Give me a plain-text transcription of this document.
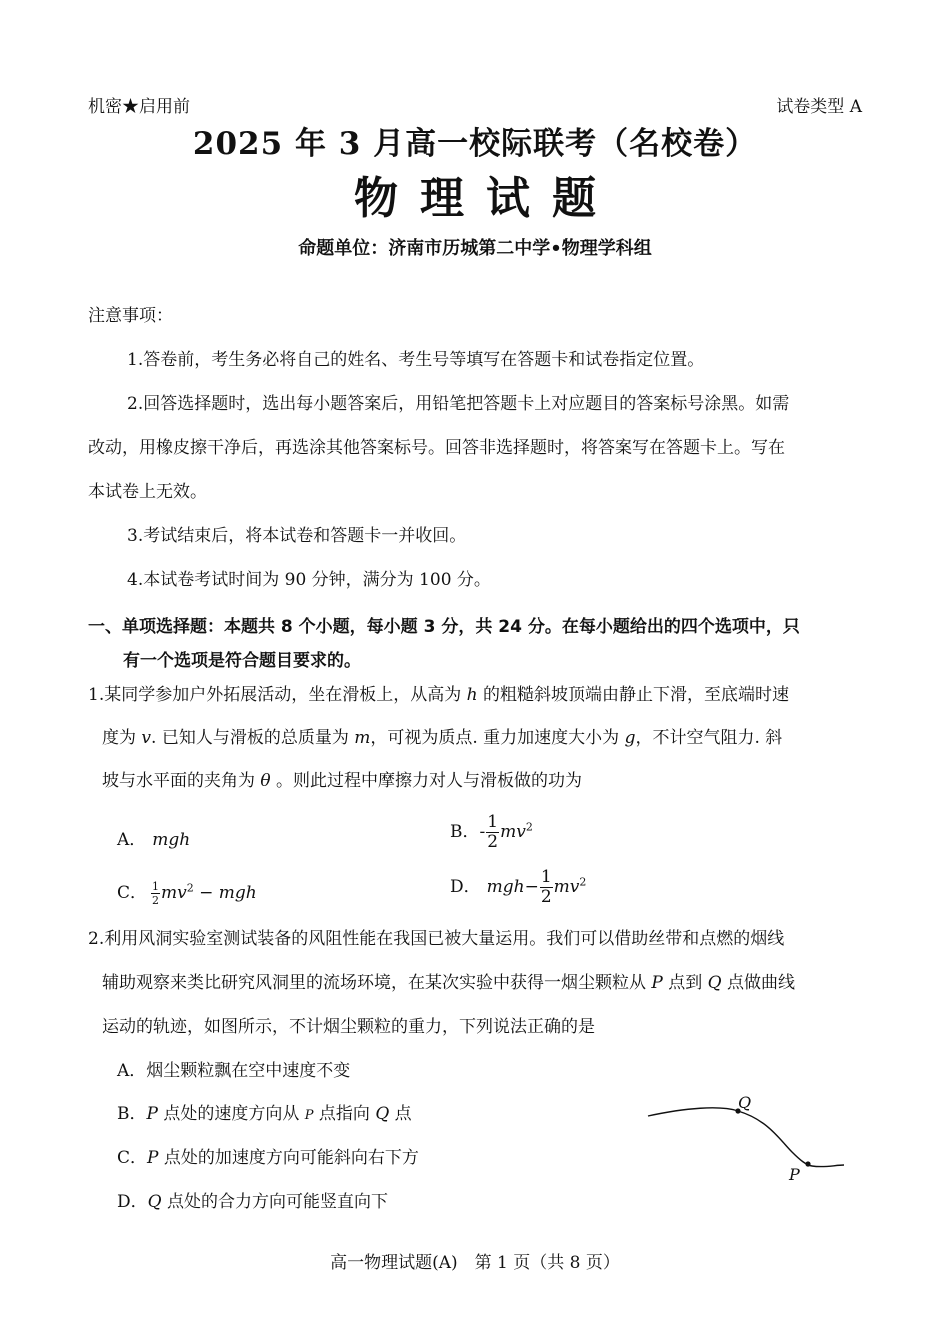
机密★启用前	试卷类型 A
2025 年 3 月高一校际联考（名校卷）
物理试题
命题单位：济南市历城第二中学•物理学科组
注意事项：
1.答卷前，考生务必将自己的姓名、考生号等填写在答题卡和试卷指定位置。
2.回答选择题时，选出每小题答案后，用铅笔把答题卡上对应题目的答案标号涂黑。如需
改动，用橡皮擦干净后，再选涂其他答案标号。回答非选择题时，将答案写在答题卡上。写在
本试卷上无效。
3.考试结束后，将本试卷和答题卡一并收回。
4.本试卷考试时间为 90 分钟，满分为 100 分。
一、单项选择题：本题共 8 个小题，每小题 3 分，共 24 分。在每小题给出的四个选项中，只
有一个选项是符合题目要求的。
1.某同学参加户外拓展活动，坐在滑板上，从高为 h 的粗糙斜坡顶端由静止下滑，至底端时速
度为 v. 已知人与滑板的总质量为 m，可视为质点. 重力加速度大小为 g，不计空气阻力. 斜
坡与水平面的夹角为 θ 。则此过程中摩擦力对人与滑板做的功为
A． mgh	B．- $\frac{1}{2} mv^2$
C． $\frac{1}{2} mv^2$ − mgh	D． $mgh- \frac{1}{2} mv^2$
2.利用风洞实验室测试装备的风阻性能在我国已被大量运用。我们可以借助丝带和点燃的烟线
辅助观察来类比研究风洞里的流场环境，在某次实验中获得一烟尘颗粒从 P 点到 Q 点做曲线
运动的轨迹，如图所示，不计烟尘颗粒的重力，下列说法正确的是
A．烟尘颗粒飘在空中速度不变
B．P 点处的速度方向从 P 点指向 Q 点
C．P 点处的加速度方向可能斜向右下方
D．Q 点处的合力方向可能竖直向下
Q
P
高一物理试题(A)　第 1 页（共 8 页）
